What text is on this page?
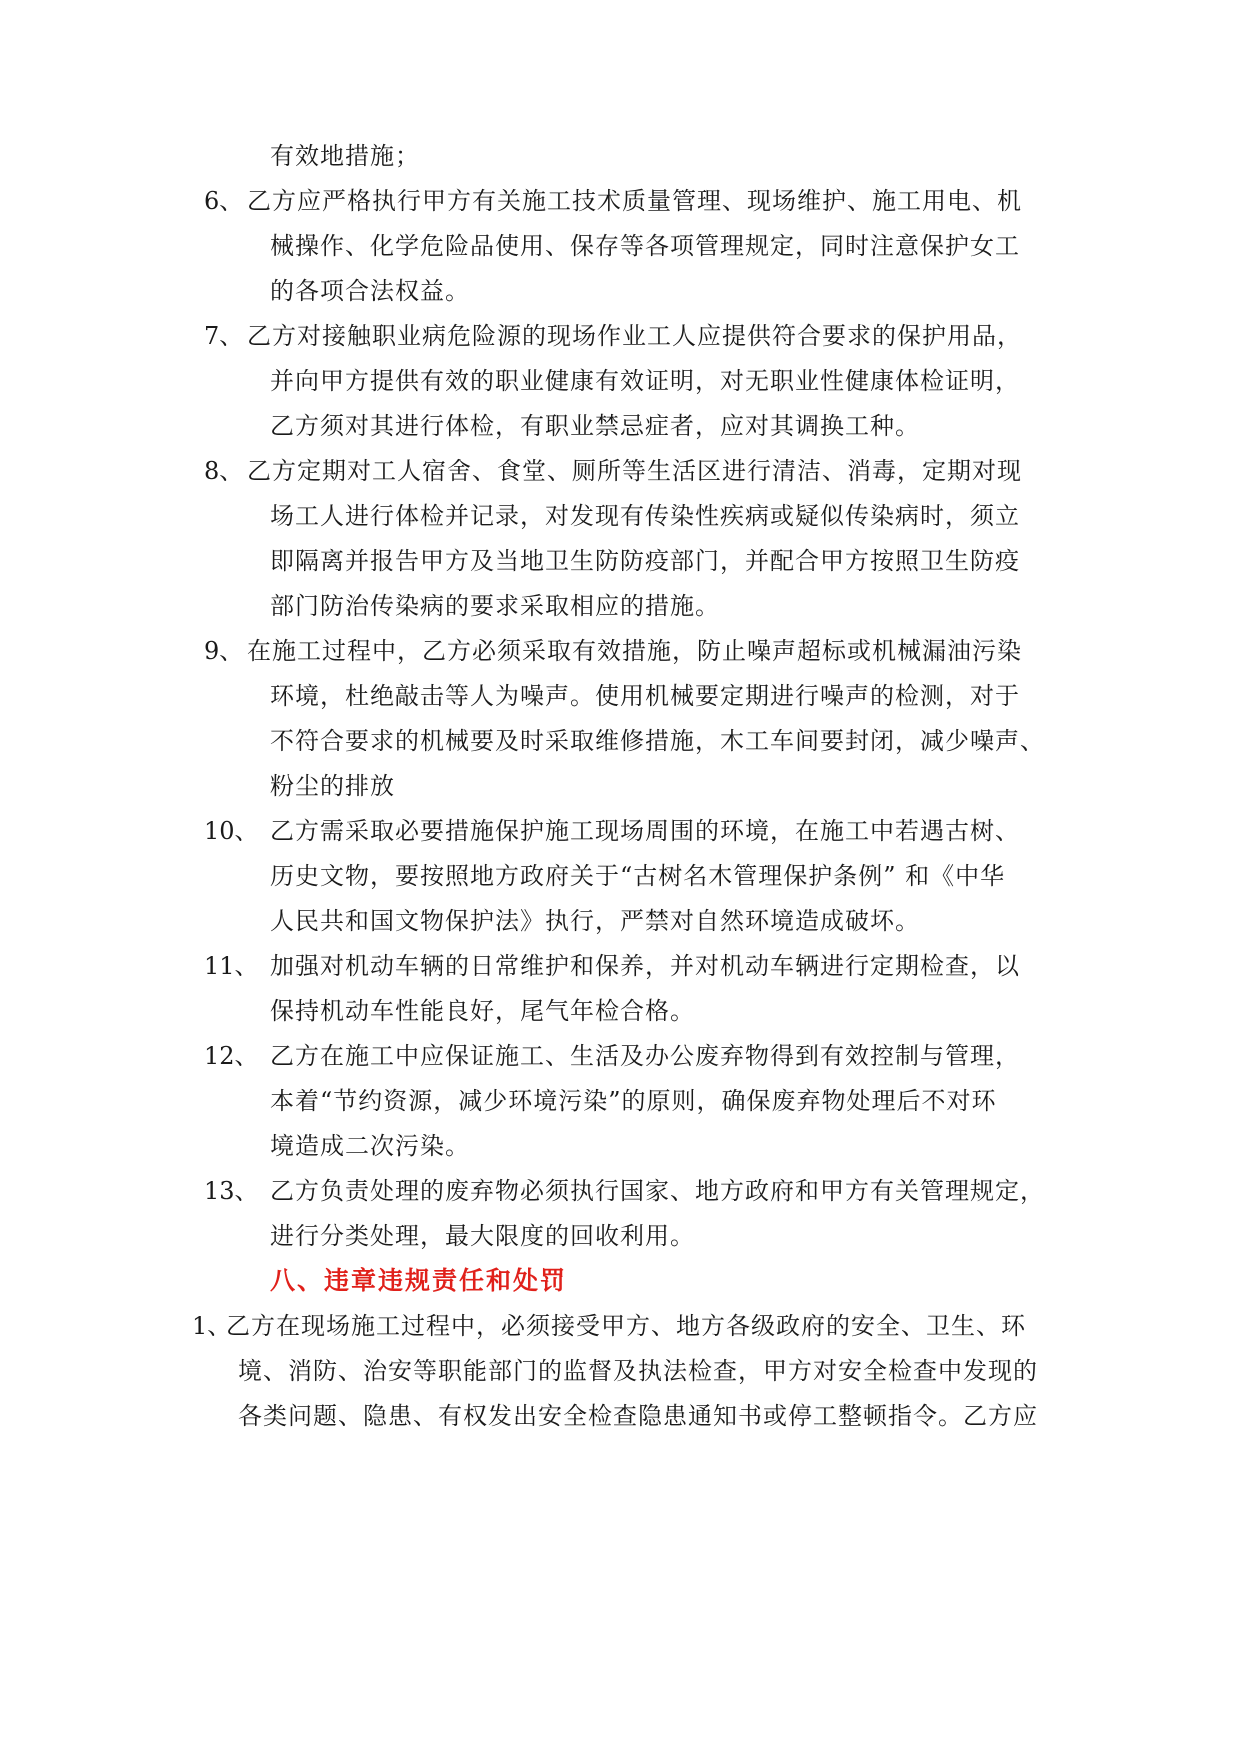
有效地措施；
6、 乙方应严格执行甲方有关施工技术质量管理、现场维护、施工用电、机
械操作、化学危险品使用、保存等各项管理规定，同时注意保护女工
的各项合法权益。
7、 乙方对接触职业病危险源的现场作业工人应提供符合要求的保护用品，
并向甲方提供有效的职业健康有效证明，对无职业性健康体检证明，
乙方须对其进行体检，有职业禁忌症者，应对其调换工种。
8、 乙方定期对工人宿舍、食堂、厕所等生活区进行清洁、消毒，定期对现
场工人进行体检并记录，对发现有传染性疾病或疑似传染病时，须立
即隔离并报告甲方及当地卫生防防疫部门，并配合甲方按照卫生防疫
部门防治传染病的要求采取相应的措施。
9、 在施工过程中，乙方必须采取有效措施，防止噪声超标或机械漏油污染
环境，杜绝敲击等人为噪声。使用机械要定期进行噪声的检测，对于
不符合要求的机械要及时采取维修措施，木工车间要封闭，减少噪声、
粉尘的排放
10、 乙方需采取必要措施保护施工现场周围的环境，在施工中若遇古树、
历史文物，要按照地方政府关于“古树名木管理保护条例” 和《中华
人民共和国文物保护法》执行，严禁对自然环境造成破坏。
11、 加强对机动车辆的日常维护和保养，并对机动车辆进行定期检查，以
保持机动车性能良好，尾气年检合格。
12、 乙方在施工中应保证施工、生活及办公废弃物得到有效控制与管理，
本着“节约资源，减少环境污染”的原则，确保废弃物处理后不对环
境造成二次污染。
13、 乙方负责处理的废弃物必须执行国家、地方政府和甲方有关管理规定，
进行分类处理，最大限度的回收利用。
八、违章违规责任和处罚
1、
乙方在现场施工过程中，必须接受甲方、地方各级政府的安全、卫生、环
境、消防、治安等职能部门的监督及执法检查，甲方对安全检查中发现的
各类问题、隐患、有权发出安全检查隐患通知书或停工整顿指令。乙方应
